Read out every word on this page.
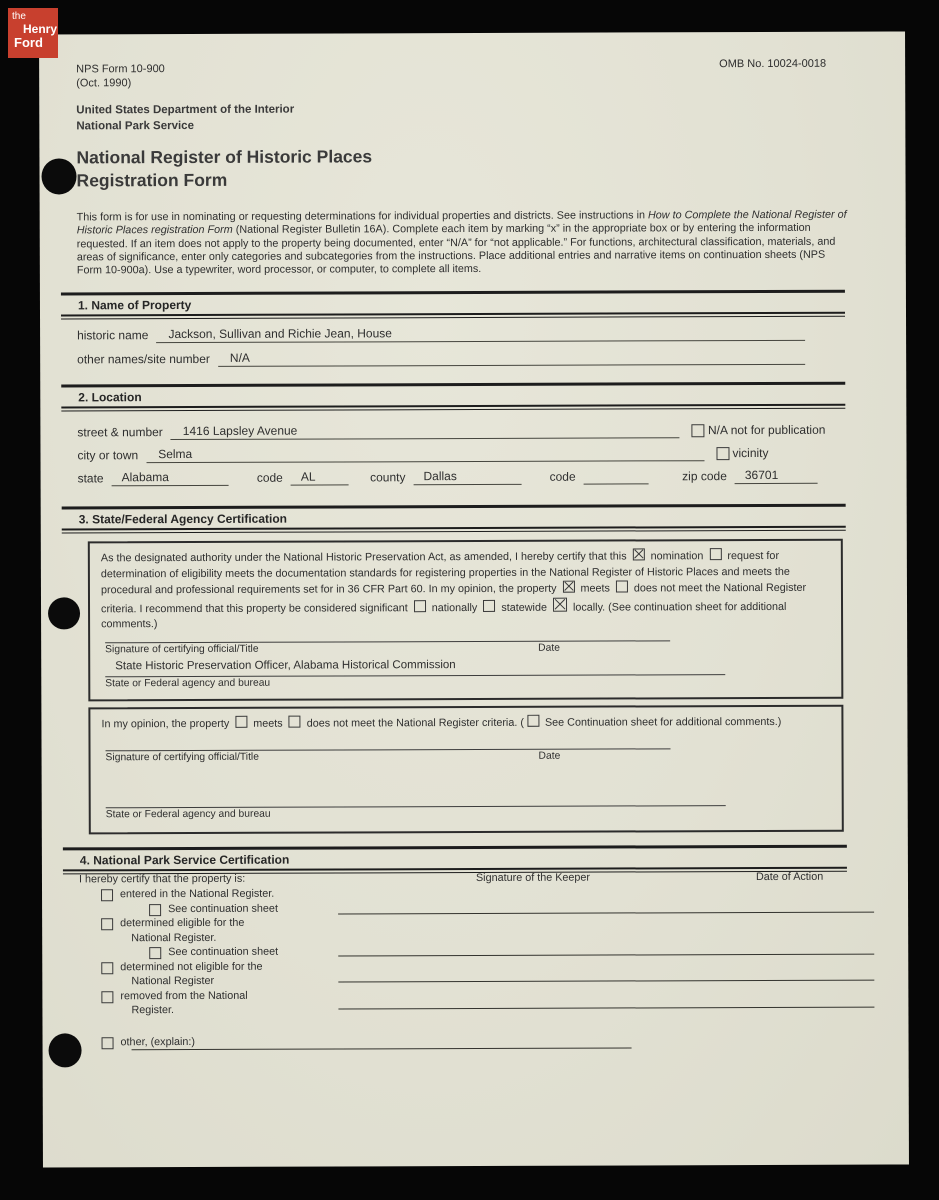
the
Henry
Ford
NPS Form 10-900
(Oct. 1990)
OMB No. 10024-0018
United States Department of the Interior
National Park Service
National Register of Historic Places
Registration Form
This form is for use in nominating or requesting determinations for individual properties and districts. See instructions in How to Complete the National Register of Historic Places registration Form (National Register Bulletin 16A). Complete each item by marking “x” in the appropriate box or by entering the information requested. If an item does not apply to the property being documented, enter “N/A” for “not applicable.” For functions, architectural classification, materials, and areas of significance, enter only categories and subcategories from the instructions. Place additional entries and narrative items on continuation sheets (NPS Form 10-900a). Use a typewriter, word processor, or computer, to complete all items.
1. Name of Property
historic name	Jackson, Sullivan and Richie Jean, House
other names/site number	N/A
2. Location
street & number	1416 Lapsley Avenue
	N/A not for publication
city or town	Selma
	vicinity
state	Alabama	code	AL	county	Dallas	code	zip code	36701
3. State/Federal Agency Certification
As the designated authority under the National Historic Preservation Act, as amended, I hereby certify that this  nomination  request for determination of eligibility meets the documentation standards for registering properties in the National Register of Historic Places and meets the procedural and professional requirements set for in 36 CFR Part 60. In my opinion, the property  meets  does not meet the National Register criteria. I recommend that this property be considered significant  nationally  statewide  locally. (See continuation sheet for additional comments.)
Signature of certifying official/Title	Date
State Historic Preservation Officer, Alabama Historical Commission
State or Federal agency and bureau
In my opinion, the property  meets  does not meet the National Register criteria. ( See Continuation sheet for additional comments.)
Signature of certifying official/Title	Date
State or Federal agency and bureau
4. National Park Service Certification
I hereby certify that the property is:	Signature of the Keeper	Date of Action
entered in the National Register.
See continuation sheet
determined eligible for the
National Register.
See continuation sheet
determined not eligible for the
National Register
removed from the National
Register.
other, (explain:)
